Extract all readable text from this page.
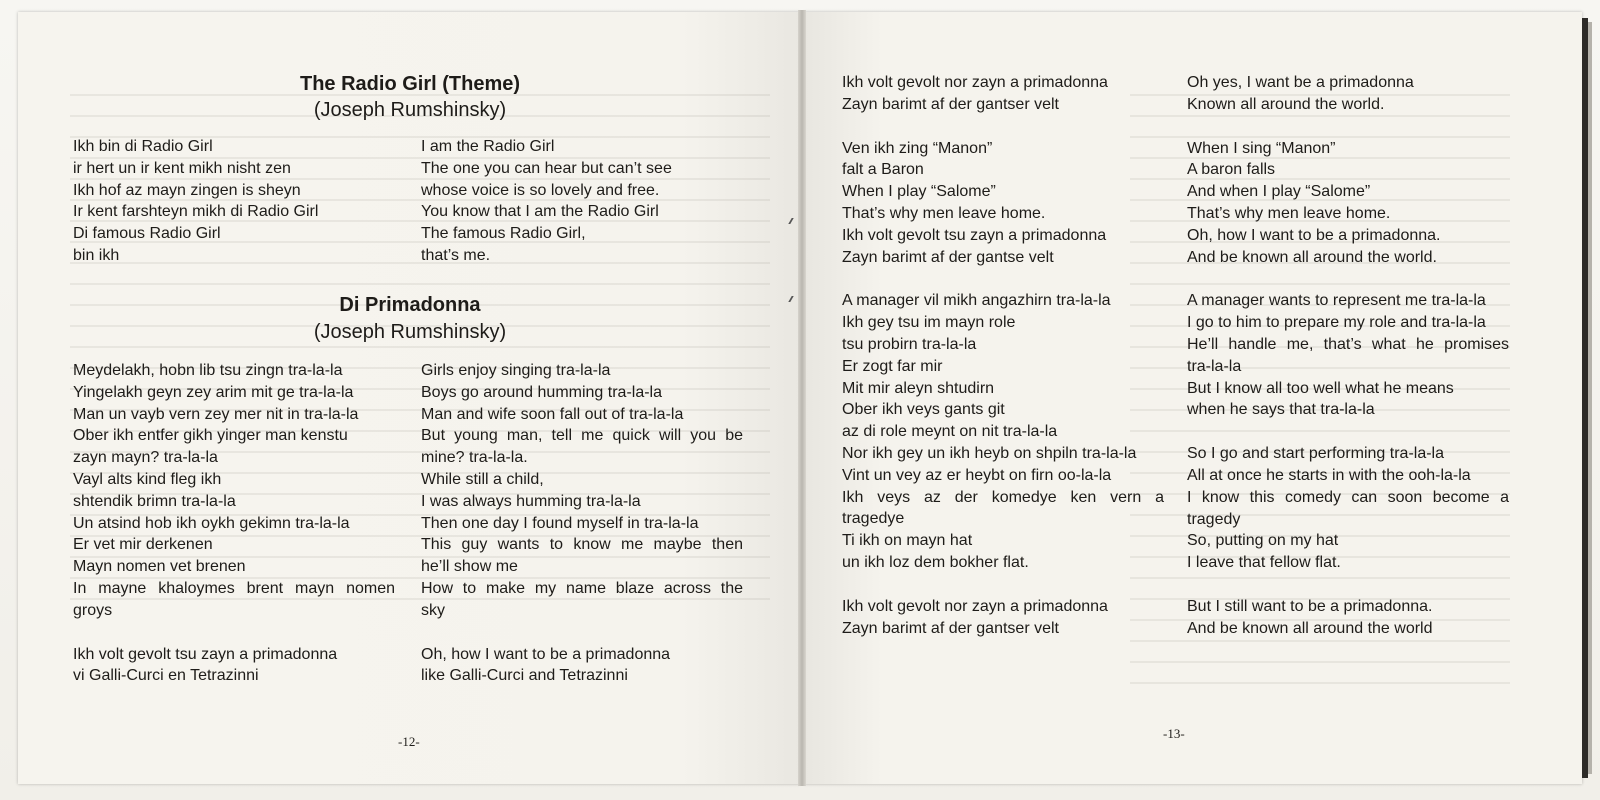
The Radio Girl (Theme)
(Joseph Rumshinsky)
Ikh bin di Radio Girl
ir hert un ir kent mikh nisht zen
Ikh hof az mayn zingen is sheyn
Ir kent farshteyn mikh di Radio Girl
Di famous Radio Girl
bin ikh
I am the Radio Girl
The one you can hear but can’t see
whose voice is so lovely and free.
You know that I am the Radio Girl
The famous Radio Girl,
that’s me.
Di Primadonna
(Joseph Rumshinsky)
Meydelakh, hobn lib tsu zingn tra-la-la
Yingelakh geyn zey arim mit ge tra-la-la
Man un vayb vern zey mer nit in tra-la-la
Ober ikh entfer gikh yinger man kenstu
zayn mayn? tra-la-la
Vayl alts kind fleg ikh
shtendik brimn tra-la-la
Un atsind hob ikh oykh gekimn tra-la-la
Er vet mir derkenen
Mayn nomen vet brenen
In mayne khaloymes brent mayn nomen
groys
Ikh volt gevolt tsu zayn a primadonna
vi Galli-Curci en Tetrazinni
Girls enjoy singing tra-la-la
Boys go around humming tra-la-la
Man and wife soon fall out of tra-la-la
But young man, tell me quick will you be
mine? tra-la-la.
While still a child,
I was always humming tra-la-la
Then one day I found myself in tra-la-la
This guy wants to know me maybe then
he’ll show me
How to make my name blaze across the
sky
Oh, how I want to be a primadonna
like Galli-Curci and Tetrazinni
-12-
Ikh volt gevolt nor zayn a primadonna
Zayn barimt af der gantser velt
Ven ikh zing “Manon”
falt a Baron
When I play “Salome”
That’s why men leave home.
Ikh volt gevolt tsu zayn a primadonna
Zayn barimt af der gantse velt
A manager vil mikh angazhirn tra-la-la
Ikh gey tsu im mayn role
tsu probirn tra-la-la
Er zogt far mir
Mit mir aleyn shtudirn
Ober ikh veys gants git
az di role meynt on nit tra-la-la
Nor ikh gey un ikh heyb on shpiln tra-la-la
Vint un vey az er heybt on firn oo-la-la
Ikh veys az der komedye ken vern a
tragedye
Ti ikh on mayn hat
un ikh loz dem bokher flat.
Ikh volt gevolt nor zayn a primadonna
Zayn barimt af der gantser velt
Oh yes, I want be a primadonna
Known all around the world.
When I sing “Manon”
A baron falls
And when I play “Salome”
That’s why men leave home.
Oh, how I want to be a primadonna.
And be known all around the world.
A manager wants to represent me tra-la-la
I go to him to prepare my role and tra-la-la
He’ll handle me, that’s what he promises
tra-la-la
But I know all too well what he means
when he says that tra-la-la
So I go and start performing tra-la-la
All at once he starts in with the ooh-la-la
I know this comedy can soon become a
tragedy
So, putting on my hat
I leave that fellow flat.
But I still want to be a primadonna.
And be known all around the world
-13-
